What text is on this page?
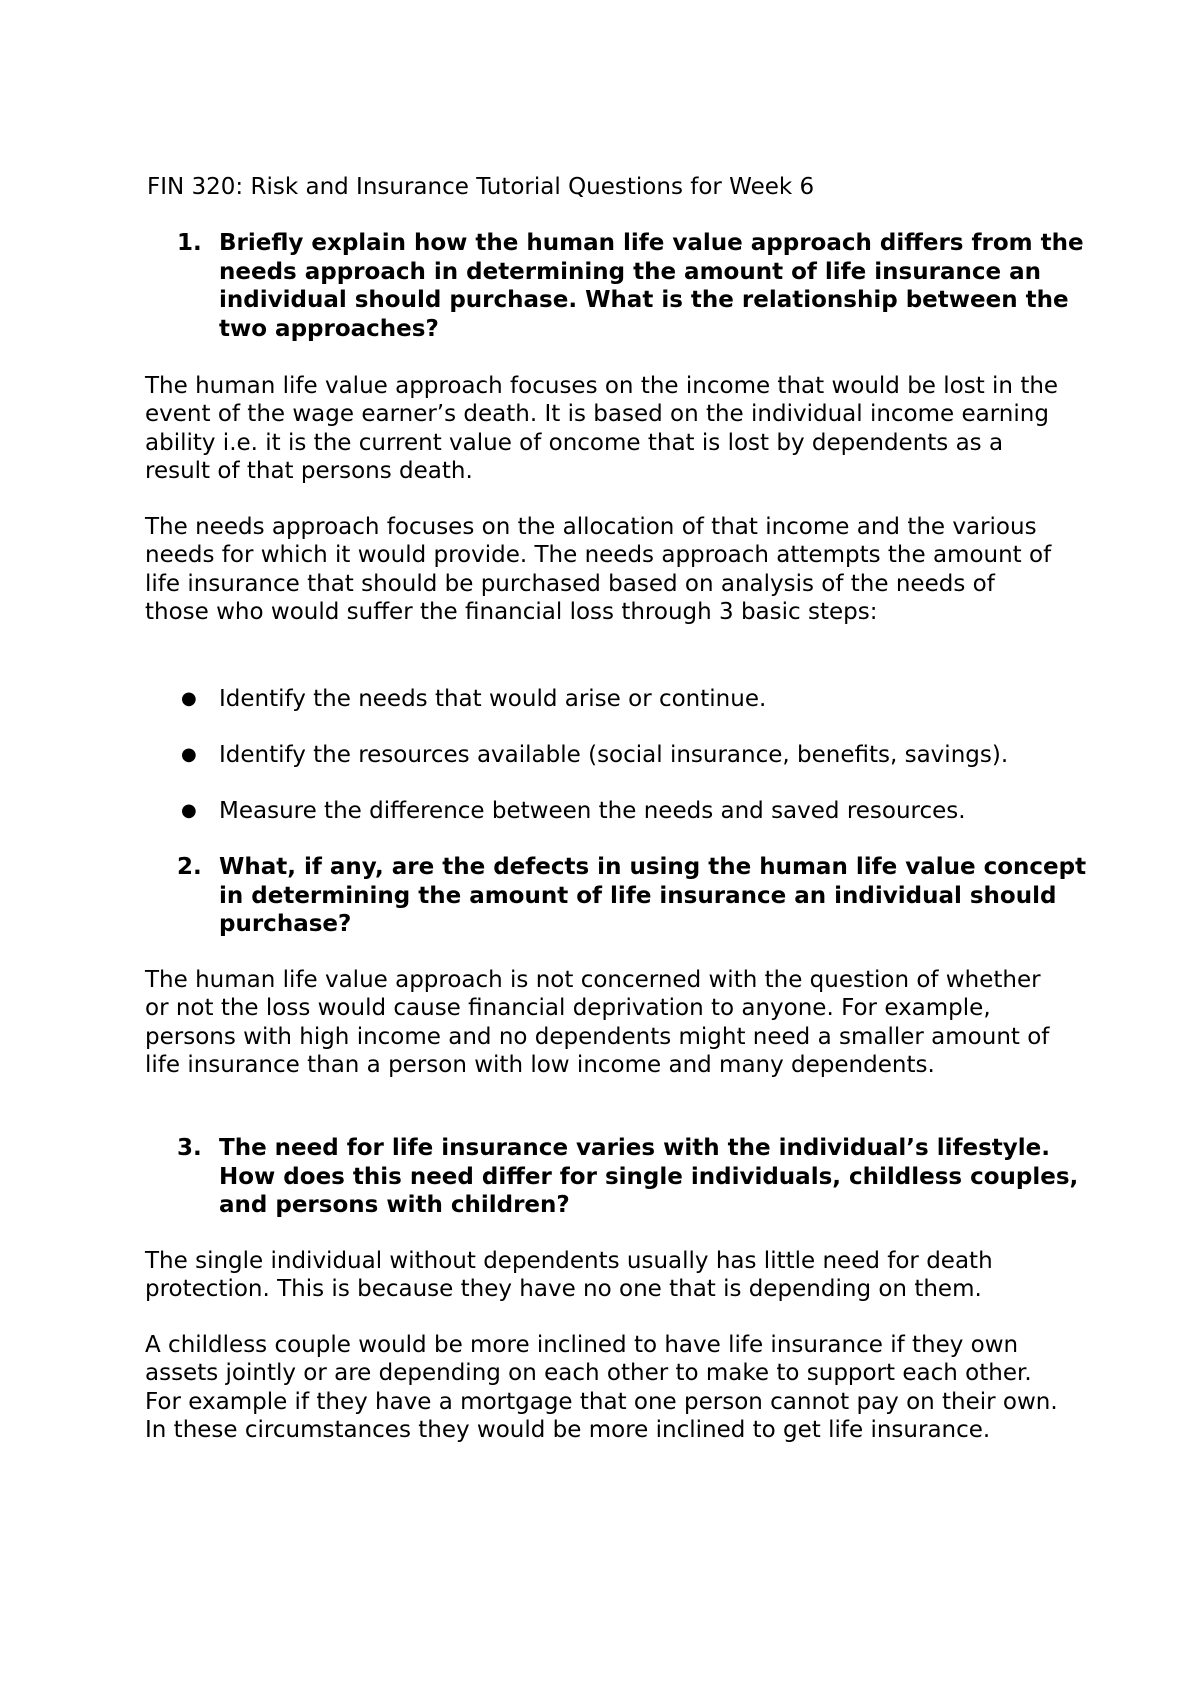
FIN 320: Risk and Insurance Tutorial Questions for Week 6
1. Briefly explain how the human life value approach differs from the needs approach in determining the amount of life insurance an individual should purchase. What is the relationship between the two approaches?

The human life value approach focuses on the income that would be lost in the event of the wage earner’s death. It is based on the individual income earning ability i.e. it is the current value of oncome that is lost by dependents as a result of that persons death.

The needs approach focuses on the allocation of that income and the various needs for which it would provide. The needs approach attempts the amount of life insurance that should be purchased based on analysis of the needs of those who would suffer the financial loss through 3 basic steps:

● Identify the needs that would arise or continue.
● Identify the resources available (social insurance, benefits, savings).
● Measure the difference between the needs and saved resources.
2. What, if any, are the defects in using the human life value concept in determining the amount of life insurance an individual should purchase?

The human life value approach is not concerned with the question of whether or not the loss would cause financial deprivation to anyone. For example, persons with high income and no dependents might need a smaller amount of life insurance than a person with low income and many dependents.

3. The need for life insurance varies with the individual’s lifestyle. How does this need differ for single individuals, childless couples, and persons with children?

The single individual without dependents usually has little need for death protection. This is because they have no one that is depending on them.

A childless couple would be more inclined to have life insurance if they own assets jointly or are depending on each other to make to support each other. For example if they have a mortgage that one person cannot pay on their own. In these circumstances they would be more inclined to get life insurance.
